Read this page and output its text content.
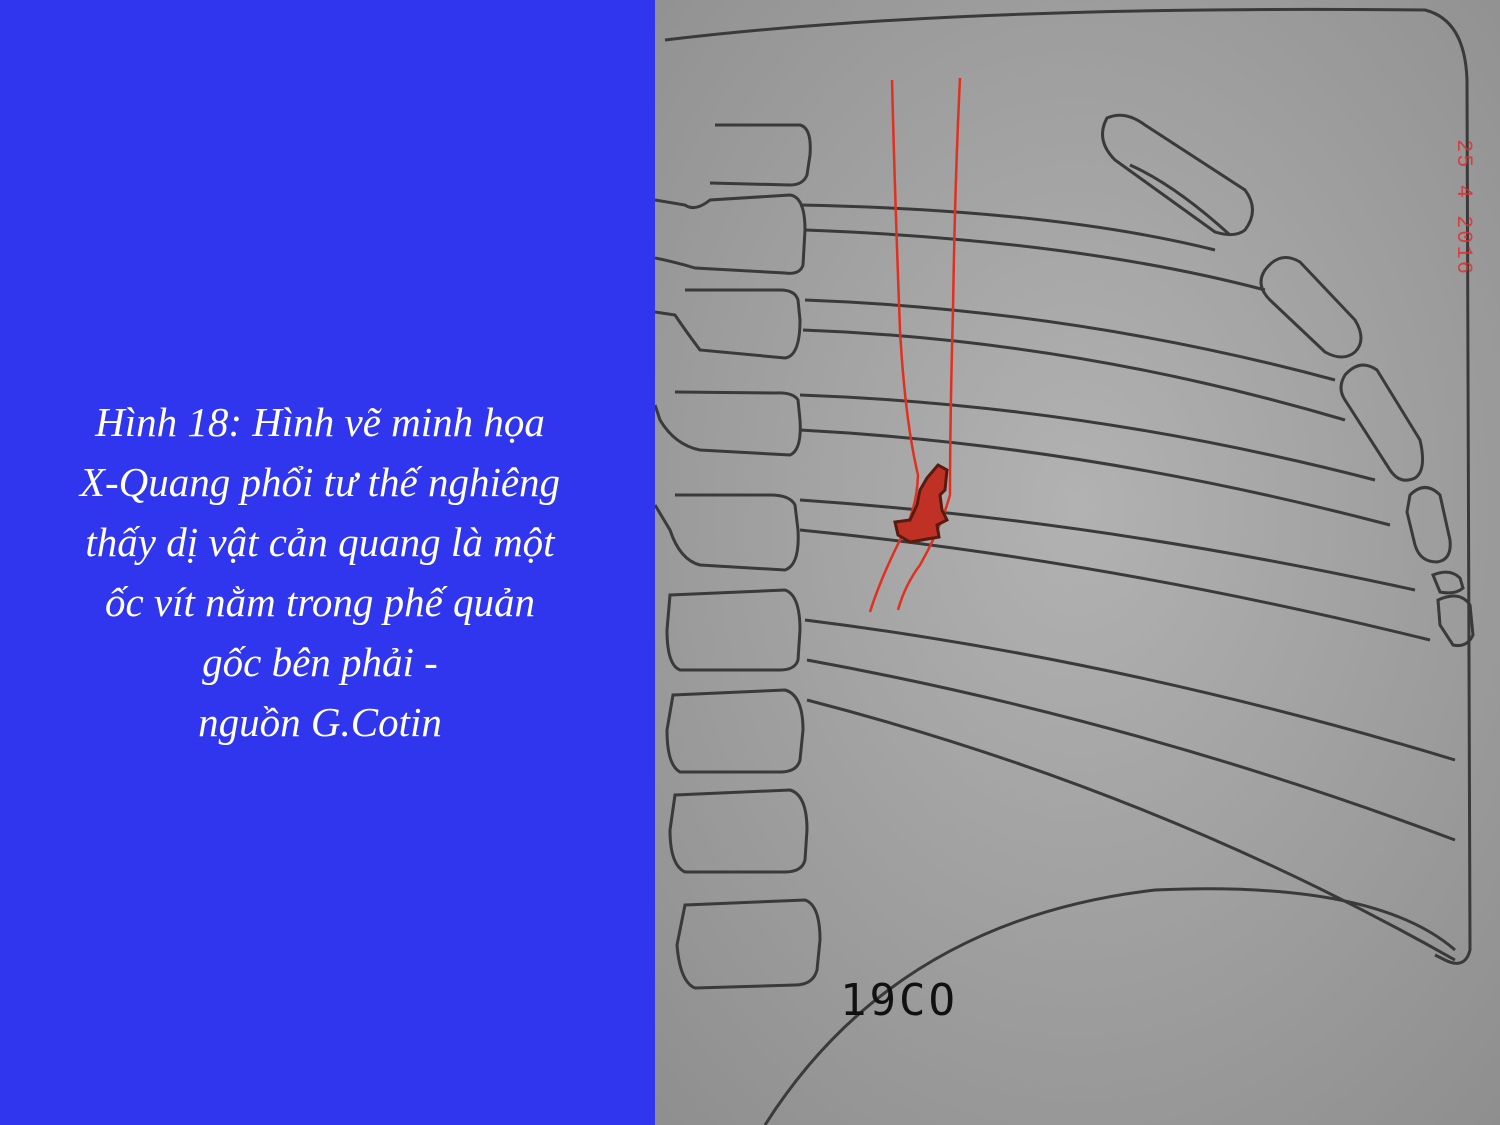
Hình 18: Hình vẽ minh họa
X-Quang phổi tư thế nghiêng
thấy dị vật cản quang là một
ốc vít nằm trong phế quản
gốc bên phải -
nguồn G.Cotin
25 4 2016
19CO
